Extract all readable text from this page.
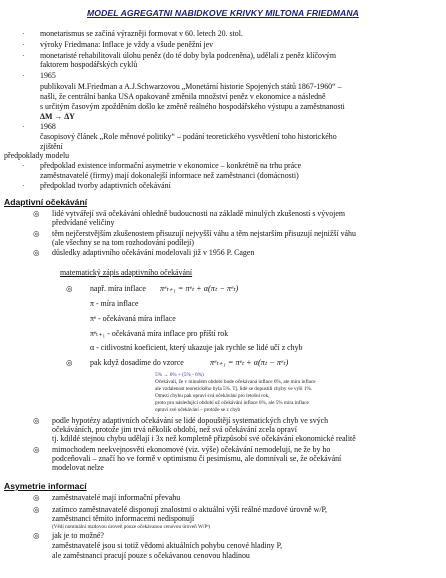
MODEL AGREGATNI NABIDKOVE KRIVKY MILTONA FRIEDMANA
· monetarismus se začíná výrazněji formovat v 60. letech 20. stol.
· výroky Friedmana: Inflace je vždy a všude peněžní jev
· monetaristé rehabilitovali úlohu peněz (do té doby byla podceněna), udělali z peněz klíčovým
faktorem hospodářských cyklů
· 1965
publikovali M.Friedman a A.J.Schwarzovou „Monetární historie Spojených států 1867-1960“ –
našli, že centrální banka USA opakovaně změnila množství peněz v ekonomice a následně
s určitým časovým zpožděním došlo ke změně reálného hospodářského výstupu a zaměstnanosti
ΔM → ΔY
· 1968
časopisový článek „Role měnové politiky“ – podání teoretického vysvětlení toho historického
zjištění
předpoklady modelu
· předpoklad existence informační asymetrie v ekonomice – konkrétně na trhu práce
zaměstnavatelé (firmy) mají dokonalejší informace než zaměstnanci (domácnosti)
· předpoklad tvorby adaptivních očekávání
Adaptivní očekávání
◎ lidé vytvářejí svá očekávání ohledně budoucnosti na základě minulých zkušeností s vývojem
předvídané veličiny
◎ těm nejčerstvějším zkušenostem přisuzují nejvyšší váhu a těm nejstarším přisuzují nejnižší váhu
(ale všechny se na tom rozhodování podílejí)
◎ důsledky adaptivního očekávání modelovali již v 1956 P. Cagen
matematický zápis adaptivního očekávání
◎ např. míra inflace πᵉₜ₊₁ = πᵉₜ + α(πₜ − πᵉₜ)
π - míra inflace
πᵉ - očekávaná míra inflace
πᵉₜ₊₁ - očekávaná míra inflace pro příští rok
α - citlivostní koeficient, který ukazuje jak rychle se lidé učí z chyb
◎ pak když dosadíme do vzorce	πᵉₜ₊₁ = πᵉₜ + α(πₜ − πᵉₜ)
5% → 6% + (5% - 6%)
Očekávali, že v minulém období bude očekávaná inflace 6%, ale míra inflace
ale vzdalenost teoretického byla 5%. Tj. lidé se dopustili chyby ve výši 1%.
Omezí chybu pak opraví svá očekávání pro letošní rok,
proto pro následující období už očekávání inflace 6%, ale 5% míra inflace
opraví své očekávání – protože se z chyb
◎ podle hypotézy adaptivních očekávání se lidé dopouštějí systematických chyb ve svých
očekáváních, protože jim trvá několik období, než svá očekávání zcela opraví
tj. kdildé stejnou chybu udělají i 3x než kompletně přizpůsobí své očekávání ekonomické realitě
◎ mimochodem neekvejnosvěti ekonomové (viz. výše) očekávání nemodelují, ne že by ho
podceňovali – značí ho ve formě v optimismu či pesimismu, ale domnívali se, že očekávání
modelovat nelze
Asymetrie informací
◎ zaměstnavatelé mají informační převahu
◎ zatímco zaměstnavatelé disponují znalostmi o aktuální výši reálné mzdové úrovně w/P,
zaměstnanci těmito informacemi nedisponují
(Vědí nominální mzdovou úroveň pouze očekávanou cenovou úroveň W/Pᵉ)
◎ jak je to možné?
zaměstnavatelé jsou si totiž vědomi aktuálních pohybu cenové hladiny P,
ale zaměstnanci pracují pouze s očekávanou cenovou hladinou
